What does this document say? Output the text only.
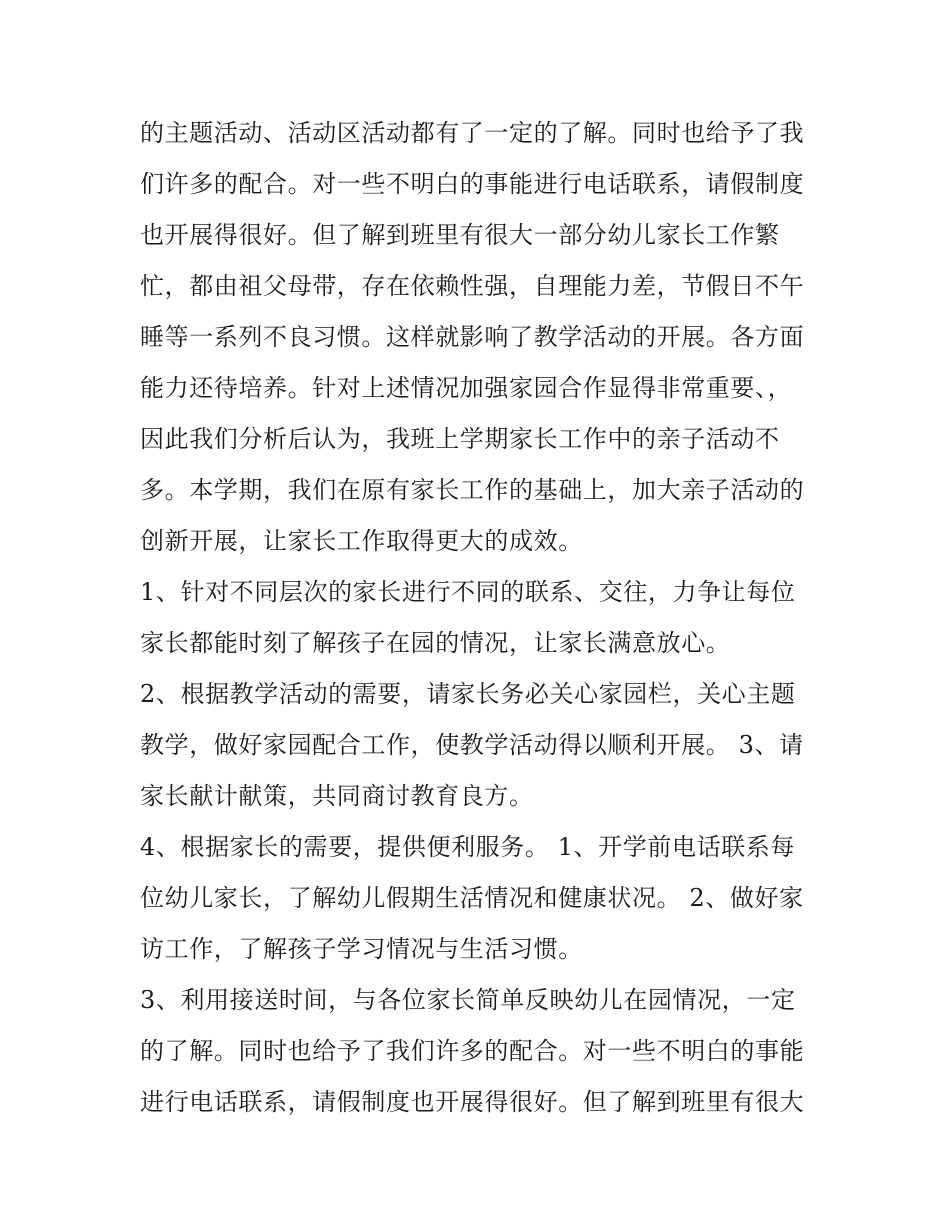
的主题活动、活动区活动都有了一定的了解。同时也给予了我
们许多的配合。对一些不明白的事能进行电话联系，请假制度
也开展得很好。但了解到班里有很大一部分幼儿家长工作繁
忙，都由祖父母带，存在依赖性强，自理能力差，节假日不午
睡等一系列不良习惯。这样就影响了教学活动的开展。各方面
能力还待培养。针对上述情况加强家园合作显得非常重要、，
因此我们分析后认为，我班上学期家长工作中的亲子活动不
多。本学期，我们在原有家长工作的基础上，加大亲子活动的
创新开展，让家长工作取得更大的成效。
1、针对不同层次的家长进行不同的联系、交往，力争让每位
家长都能时刻了解孩子在园的情况，让家长满意放心。
2、根据教学活动的需要，请家长务必关心家园栏，关心主题
教学，做好家园配合工作，使教学活动得以顺利开展。 3、请
家长献计献策，共同商讨教育良方。
4、根据家长的需要，提供便利服务。 1、开学前电话联系每
位幼儿家长，了解幼儿假期生活情况和健康状况。 2、做好家
访工作，了解孩子学习情况与生活习惯。
3、利用接送时间，与各位家长简单反映幼儿在园情况，一定
的了解。同时也给予了我们许多的配合。对一些不明白的事能
进行电话联系，请假制度也开展得很好。但了解到班里有很大
